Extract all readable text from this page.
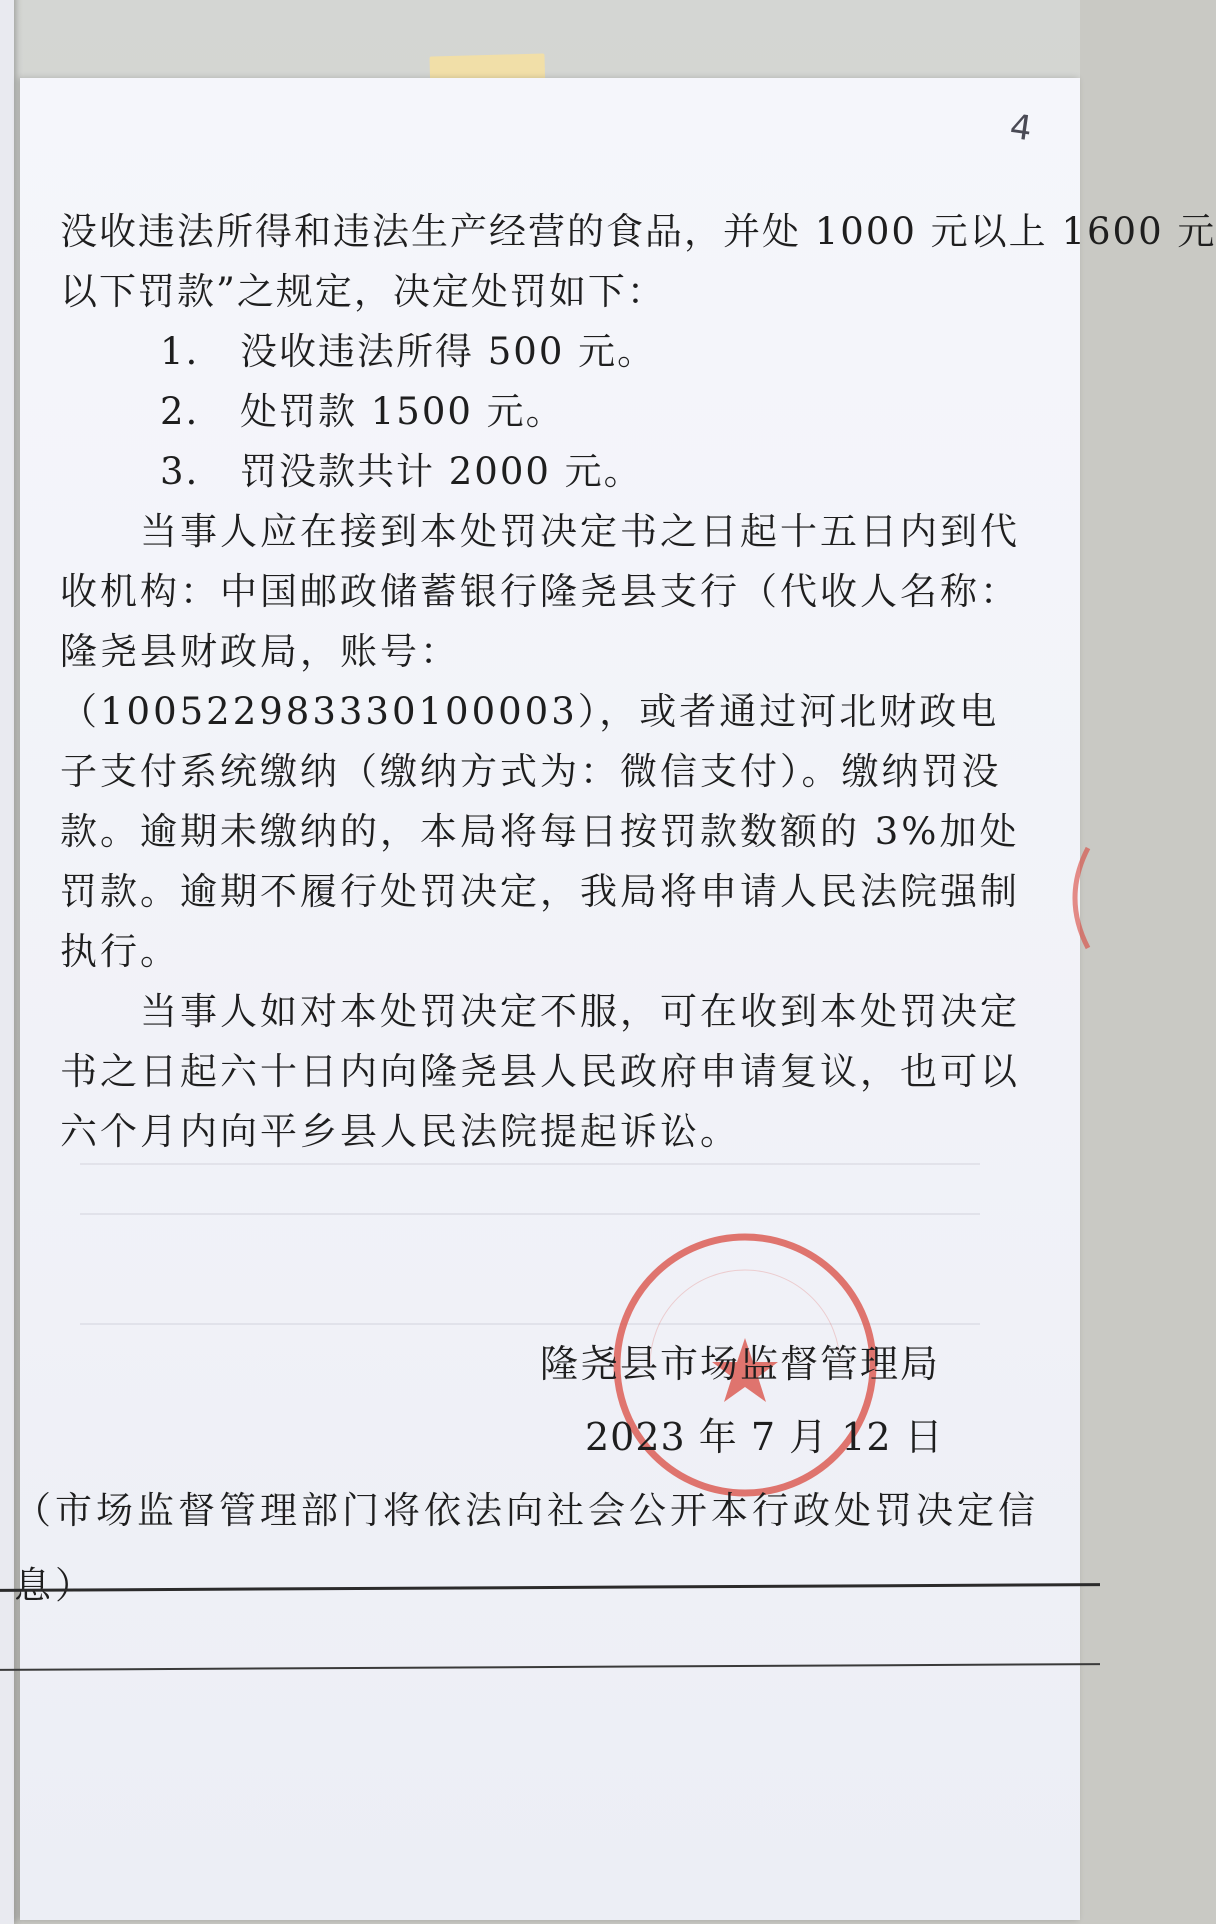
4
没收违法所得和违法生产经营的食品，并处 1000 元以上 1600 元
以下罚款”之规定，决定处罚如下：
1. 没收违法所得 500 元。
2. 处罚款 1500 元。
3. 罚没款共计 2000 元。
当事人应在接到本处罚决定书之日起十五日内到代收机构：中国邮政储蓄银行隆尧县支行（代收人名称：隆尧县财政局，账号：（100522983330100003），或者通过河北财政电子支付系统缴纳（缴纳方式为：微信支付）。缴纳罚没款。逾期未缴纳的，本局将每日按罚款数额的 3%加处罚款。逾期不履行处罚决定，我局将申请人民法院强制执行。
当事人如对本处罚决定不服，可在收到本处罚决定书之日起六十日内向隆尧县人民政府申请复议，也可以六个月内向平乡县人民法院提起诉讼。
隆尧县市场监督管理局
2023 年 7 月 12 日
（市场监督管理部门将依法向社会公开本行政处罚决定信息）
